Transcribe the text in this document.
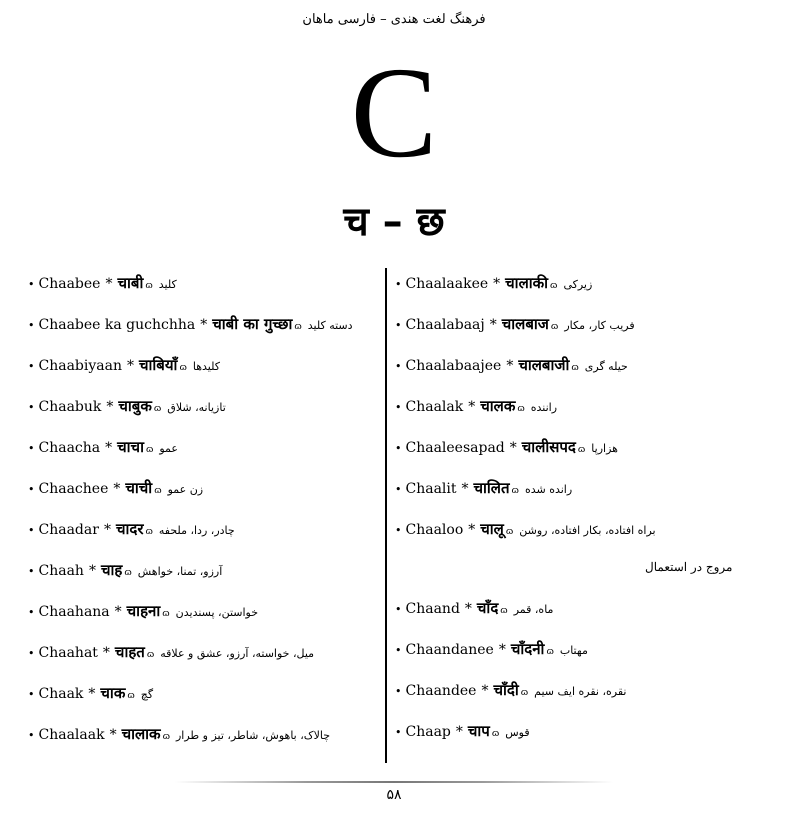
فرهنگ لغت هندی – فارسی ماهان
C
च – छ
• Chaabee * चाबी ɷ کلید
• Chaabee ka guchchha * चाबी का गुच्छा ɷ دسته کلید
• Chaabiyaan * चाबियाँ ɷ کلیدها
• Chaabuk * चाबुक ɷ تازیانه، شلاق
• Chaacha * चाचा ɷ عمو
• Chaachee * चाची ɷ زن عمو
• Chaadar * चादर ɷ چادر، ردا، ملحفه
• Chaah * चाह ɷ آرزو، تمنا، خواهش
• Chaahana * चाहना ɷ خواستن، پسندیدن
• Chaahat * चाहत ɷ میل، خواسته، آرزو، عشق و علاقه
• Chaak * चाक ɷ گچ
• Chaalaak * चालाक ɷ چالاک، باهوش، شاطر، تیز و طرار
• Chaalaakee * चालाकी ɷ زیرکی
• Chaalabaaj * चालबाज ɷ فریب کار، مکار
• Chaalabaajee * चालबाजी ɷ حیله گری
• Chaalak * चालक ɷ راننده
• Chaaleesapad * चालीसपद ɷ هزارپا
• Chaalit * चालित ɷ رانده شده
• Chaaloo * चालू ɷ براه افتاده، بکار افتاده، روشن
مروج در استعمال
• Chaand * चाँद ɷ ماه، قمر
• Chaandanee * चाँदनी ɷ مهتاب
• Chaandee * चाँदी ɷ نقره، نقره ایف سیم
• Chaap * चाप ɷ قوس
۵۸
